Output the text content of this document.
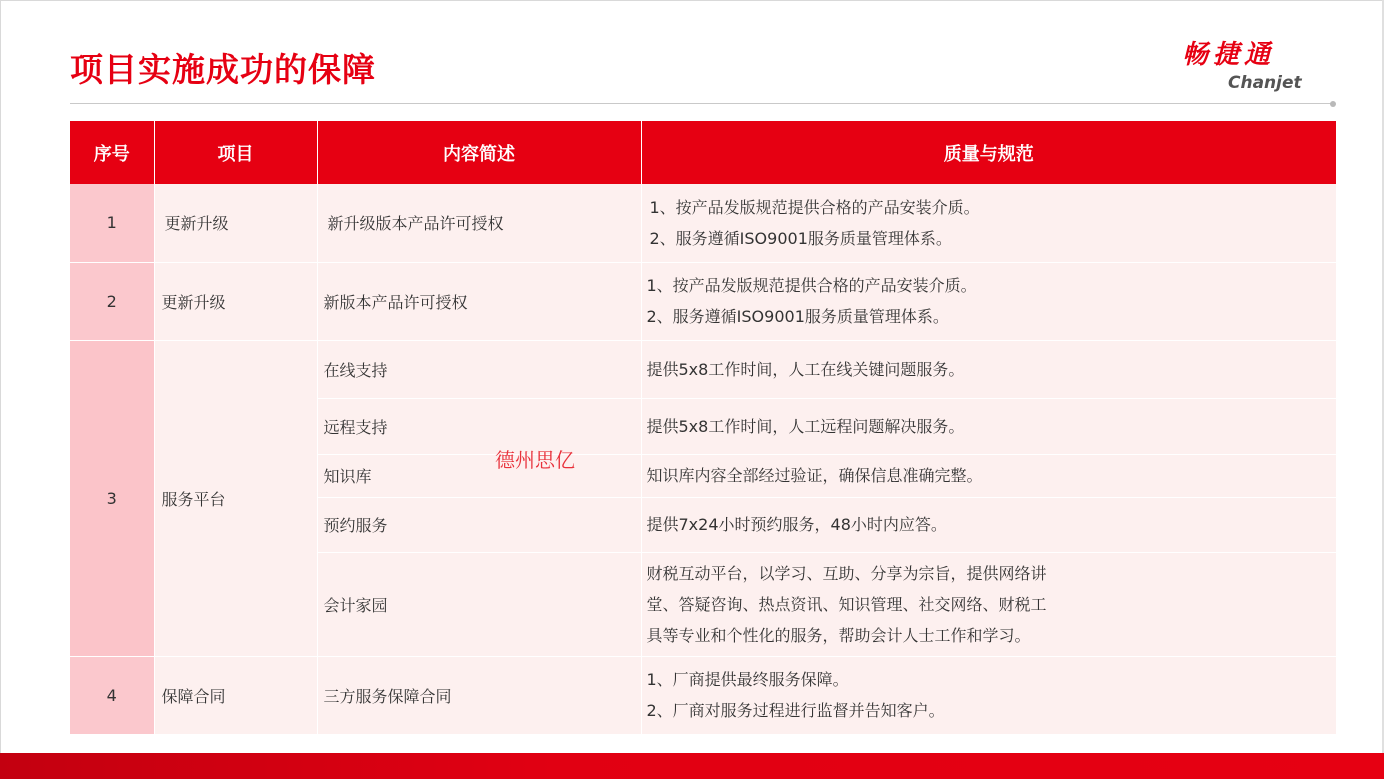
项目实施成功的保障	畅捷通
Chanjet
序号	项目	内容简述	质量与规范
1	更新升级	新升级版本产品许可授权	1、按产品发版规范提供合格的产品安装介质。
2、服务遵循ISO9001服务质量管理体系。

2	更新升级	新版本产品许可授权	1、按产品发版规范提供合格的产品安装介质。
2、服务遵循ISO9001服务质量管理体系。

3	服务平台	在线支持	提供5x8工作时间，人工在线关键问题服务。
		远程支持	提供5x8工作时间，人工远程问题解决服务。
		知识库	知识库内容全部经过验证，确保信息准确完整。
		预约服务	提供7x24小时预约服务，48小时内应答。
		会计家园	财税互动平台，以学习、互助、分享为宗旨，提供网络讲
堂、答疑咨询、热点资讯、知识管理、社交网络、财税工
具等专业和个性化的服务，帮助会计人士工作和学习。

4	保障合同	三方服务保障合同	1、厂商提供最终服务保障。
2、厂商对服务过程进行监督并告知客户。
德州思亿
